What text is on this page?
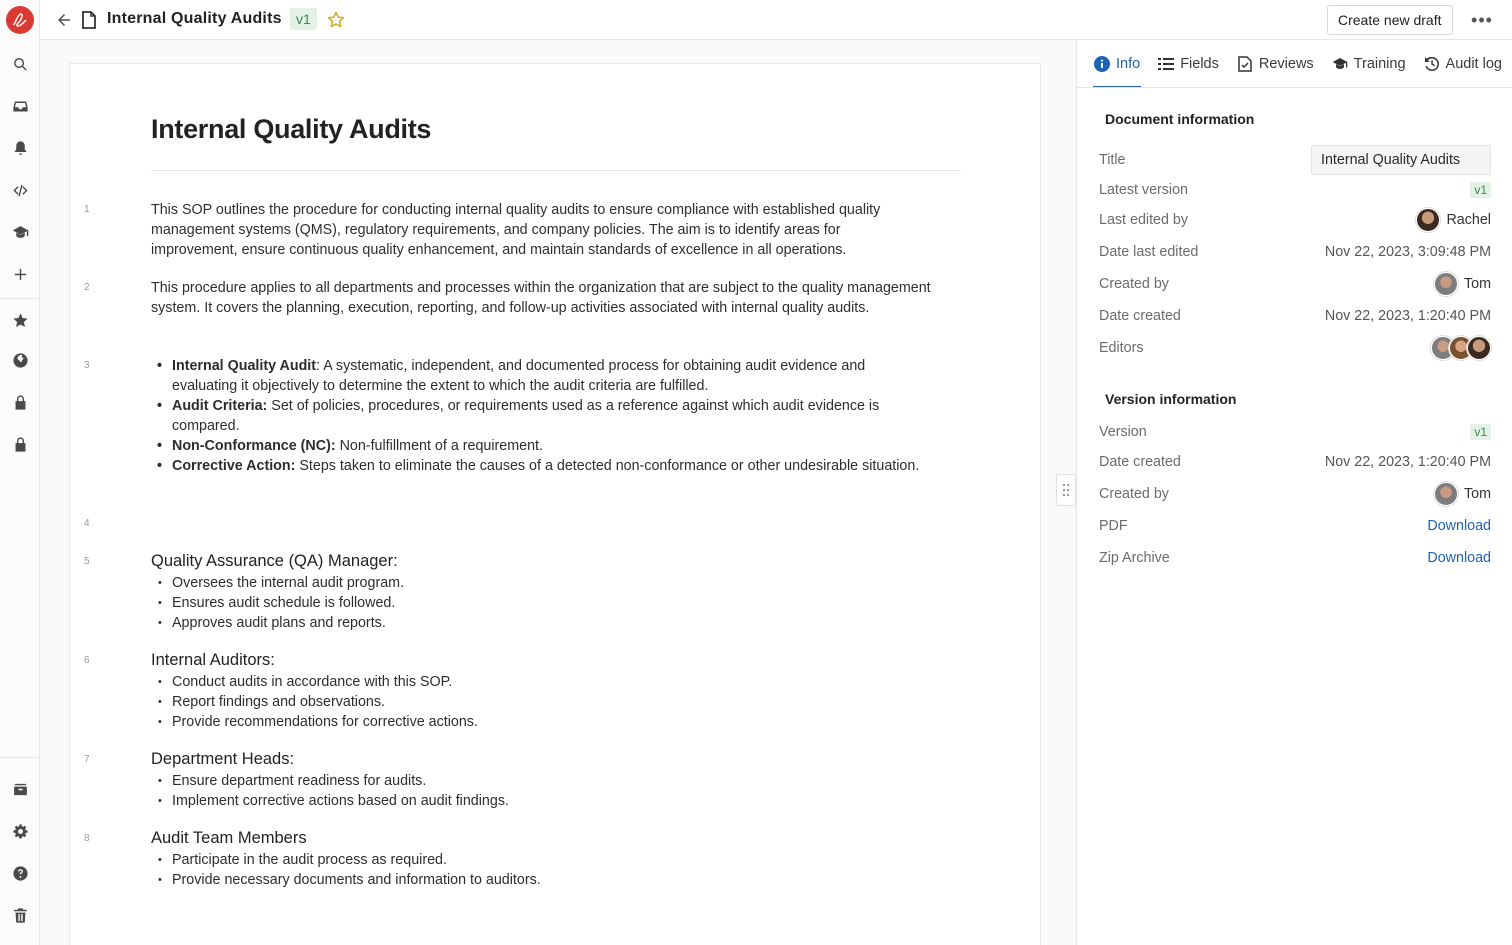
Internal Quality Audits	v1	Create new draft	•••
1
2
3
4
5
6
7
8
Internal Quality Audits

This SOP outlines the procedure for conducting internal quality audits to ensure compliance with established quality management systems (QMS), regulatory requirements, and company policies. The aim is to identify areas for improvement, ensure continuous quality enhancement, and maintain standards of excellence in all operations.

This procedure applies to all departments and processes within the organization that are subject to the quality management system. It covers the planning, execution, reporting, and follow-up activities associated with internal quality audits.

• Internal Quality Audit: A systematic, independent, and documented process for obtaining audit evidence and evaluating it objectively to determine the extent to which the audit criteria are fulfilled.
• Audit Criteria: Set of policies, procedures, or requirements used as a reference against which audit evidence is compared.
• Non-Conformance (NC): Non-fulfillment of a requirement.
• Corrective Action: Steps taken to eliminate the causes of a detected non-conformance or other undesirable situation.
Quality Assurance (QA) Manager:
• Oversees the internal audit program.
• Ensures audit schedule is followed.
• Approves audit plans and reports.
Internal Auditors:
• Conduct audits in accordance with this SOP.
• Report findings and observations.
• Provide recommendations for corrective actions.
Department Heads:
• Ensure department readiness for audits.
• Implement corrective actions based on audit findings.
Audit Team Members
• Participate in the audit process as required.
• Provide necessary documents and information to auditors.
Info	Fields	Reviews	Training	Audit log
Document information
Title	Internal Quality Audits
Latest version	v1
Last edited by	Rachel
Date last edited	Nov 22, 2023, 3:09:48 PM
Created by	Tom
Date created	Nov 22, 2023, 1:20:40 PM
Editors
Version information
Version	v1
Date created	Nov 22, 2023, 1:20:40 PM
Created by	Tom
PDF	Download
Zip Archive	Download
